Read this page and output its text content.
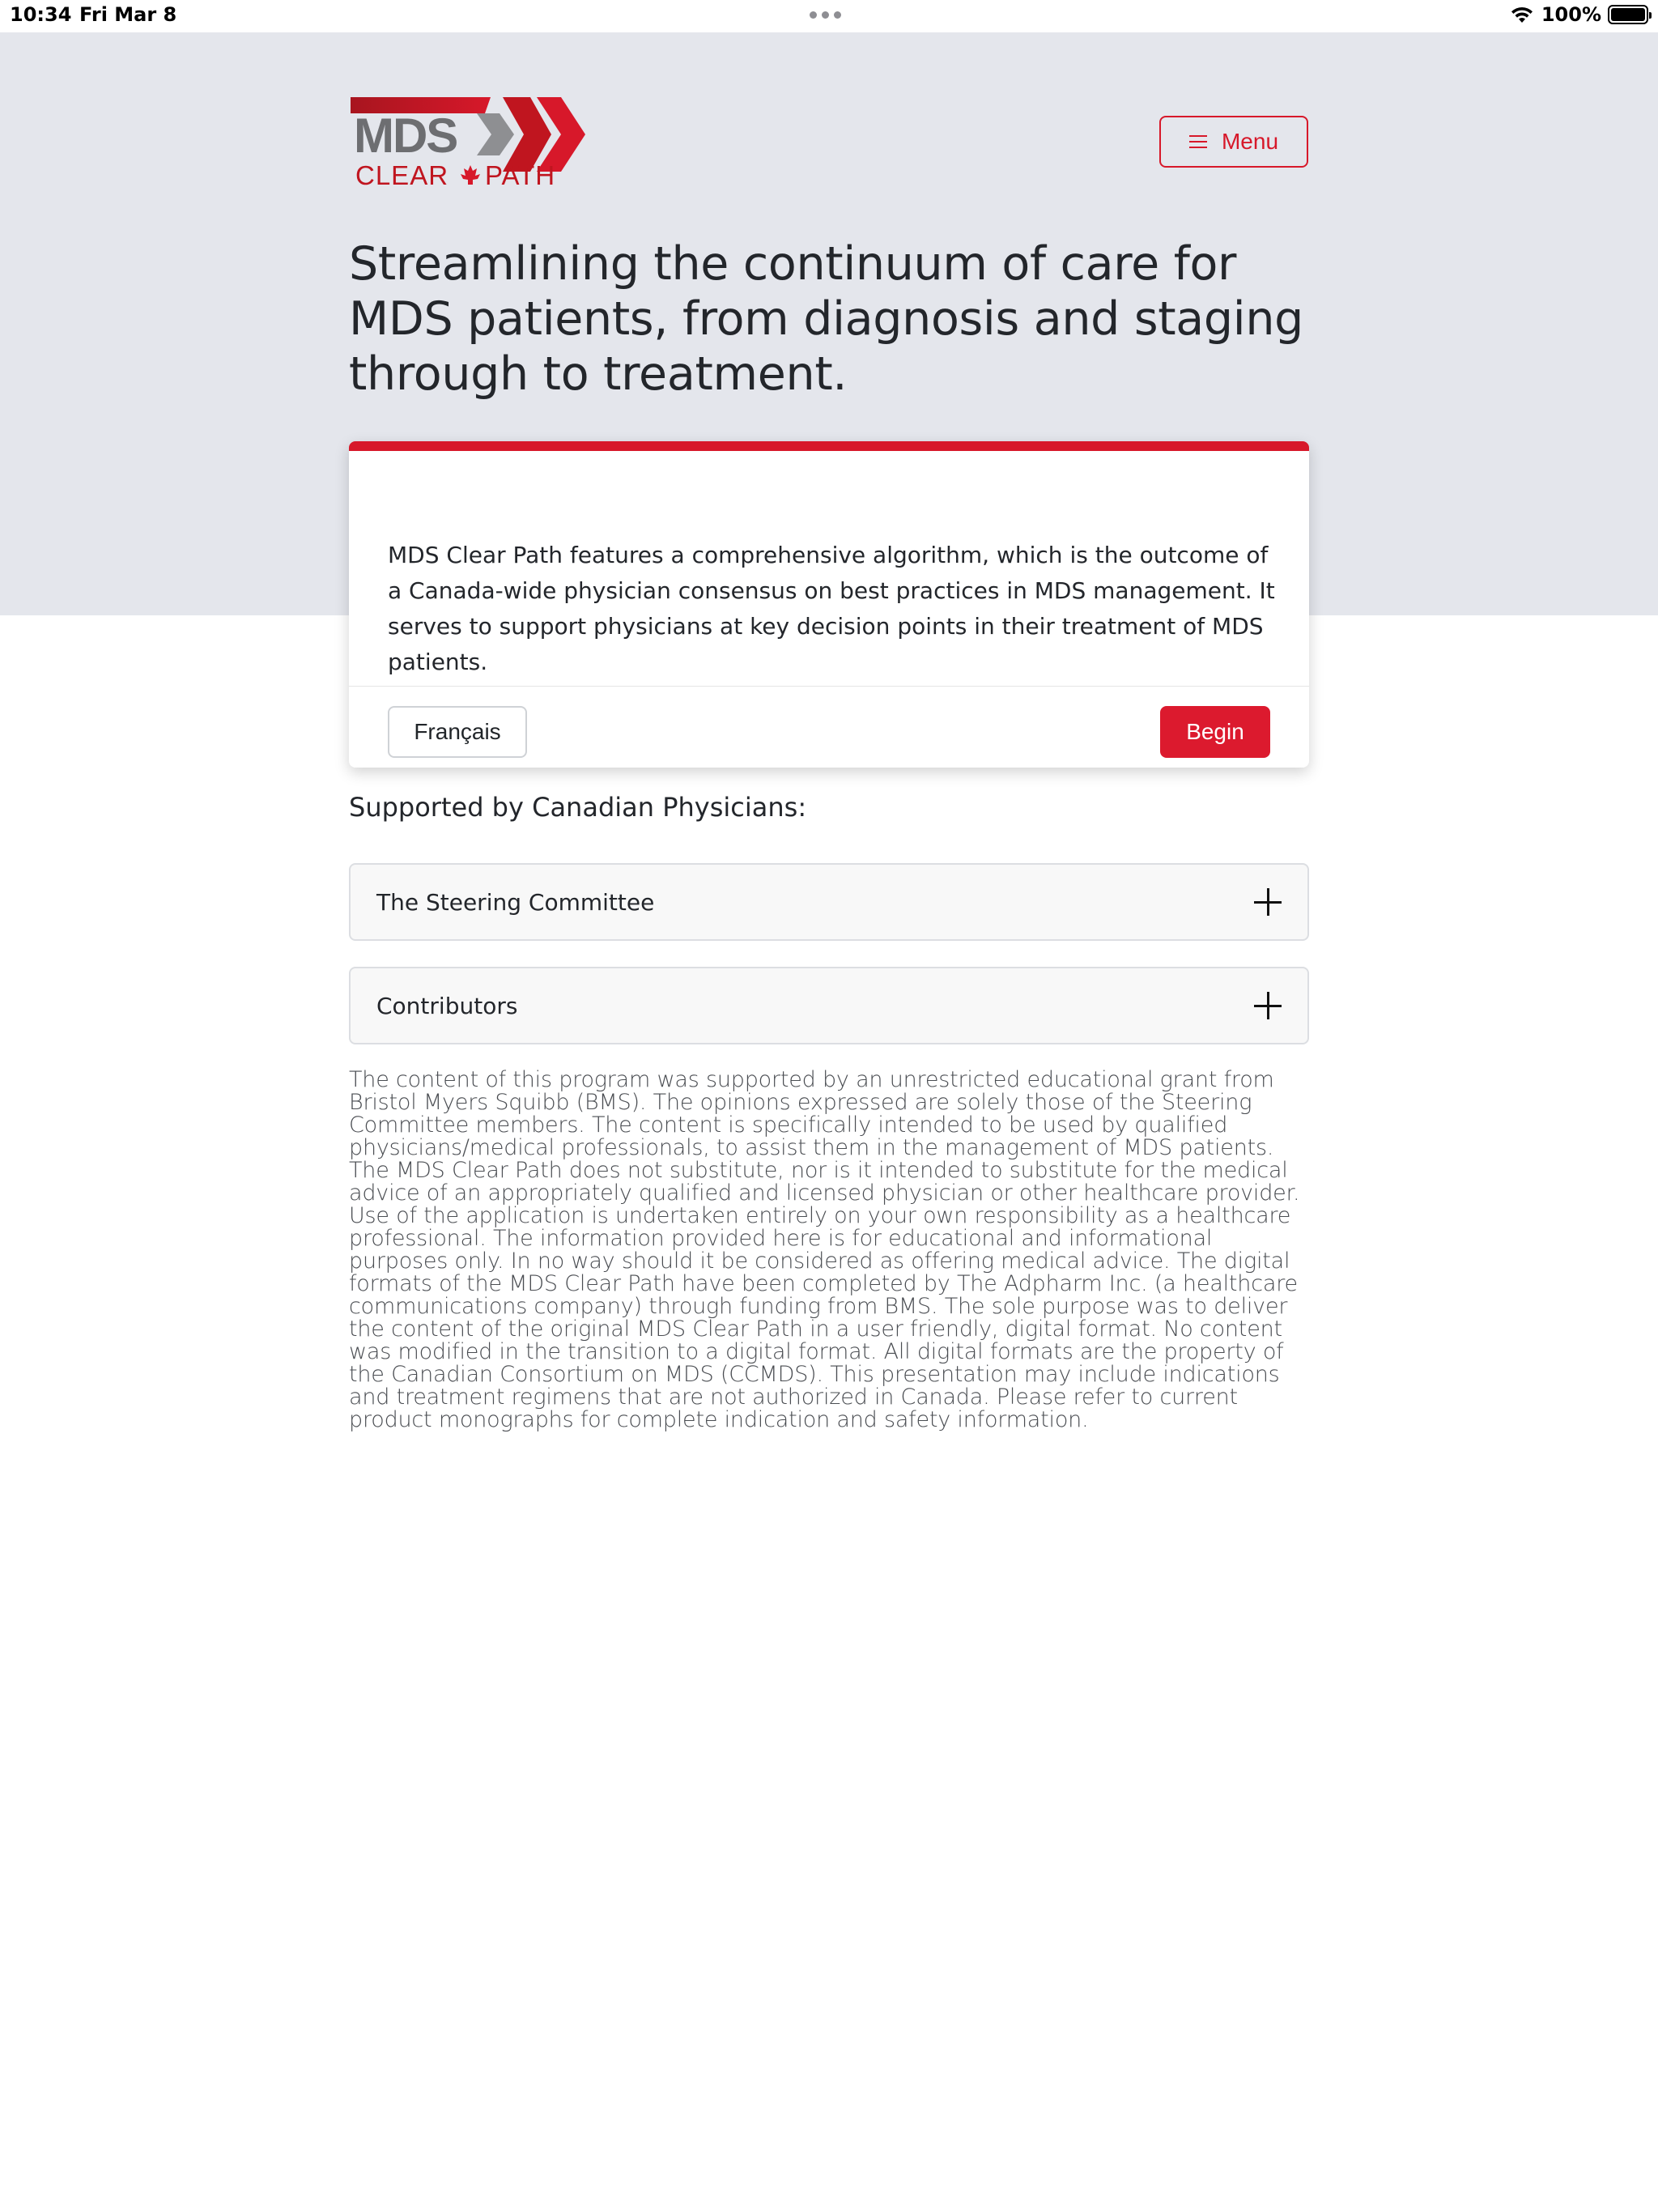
10:34 Fri Mar 8	100%
MDS
CLEAR PATH
Menu
Streamlining the continuum of care for MDS patients, from diagnosis and staging through to treatment.

MDS Clear Path features a comprehensive algorithm, which is the outcome of a Canada-wide physician consensus on best practices in MDS management. It serves to support physicians at key decision points in their treatment of MDS patients.

Français	Begin
Supported by Canadian Physicians:
The Steering Committee
Contributors

The content of this program was supported by an unrestricted educational grant from Bristol Myers Squibb (BMS). The opinions expressed are solely those of the Steering Committee members. The content is specifically intended to be used by qualified physicians/medical professionals, to assist them in the management of MDS patients. The MDS Clear Path does not substitute, nor is it intended to substitute for the medical advice of an appropriately qualified and licensed physician or other healthcare provider. Use of the application is undertaken entirely on your own responsibility as a healthcare professional. The information provided here is for educational and informational purposes only. In no way should it be considered as offering medical advice. The digital formats of the MDS Clear Path have been completed by The Adpharm Inc. (a healthcare communications company) through funding from BMS. The sole purpose was to deliver the content of the original MDS Clear Path in a user friendly, digital format. No content was modified in the transition to a digital format. All digital formats are the property of the Canadian Consortium on MDS (CCMDS). This presentation may include indications and treatment regimens that are not authorized in Canada. Please refer to current product monographs for complete indication and safety information.
